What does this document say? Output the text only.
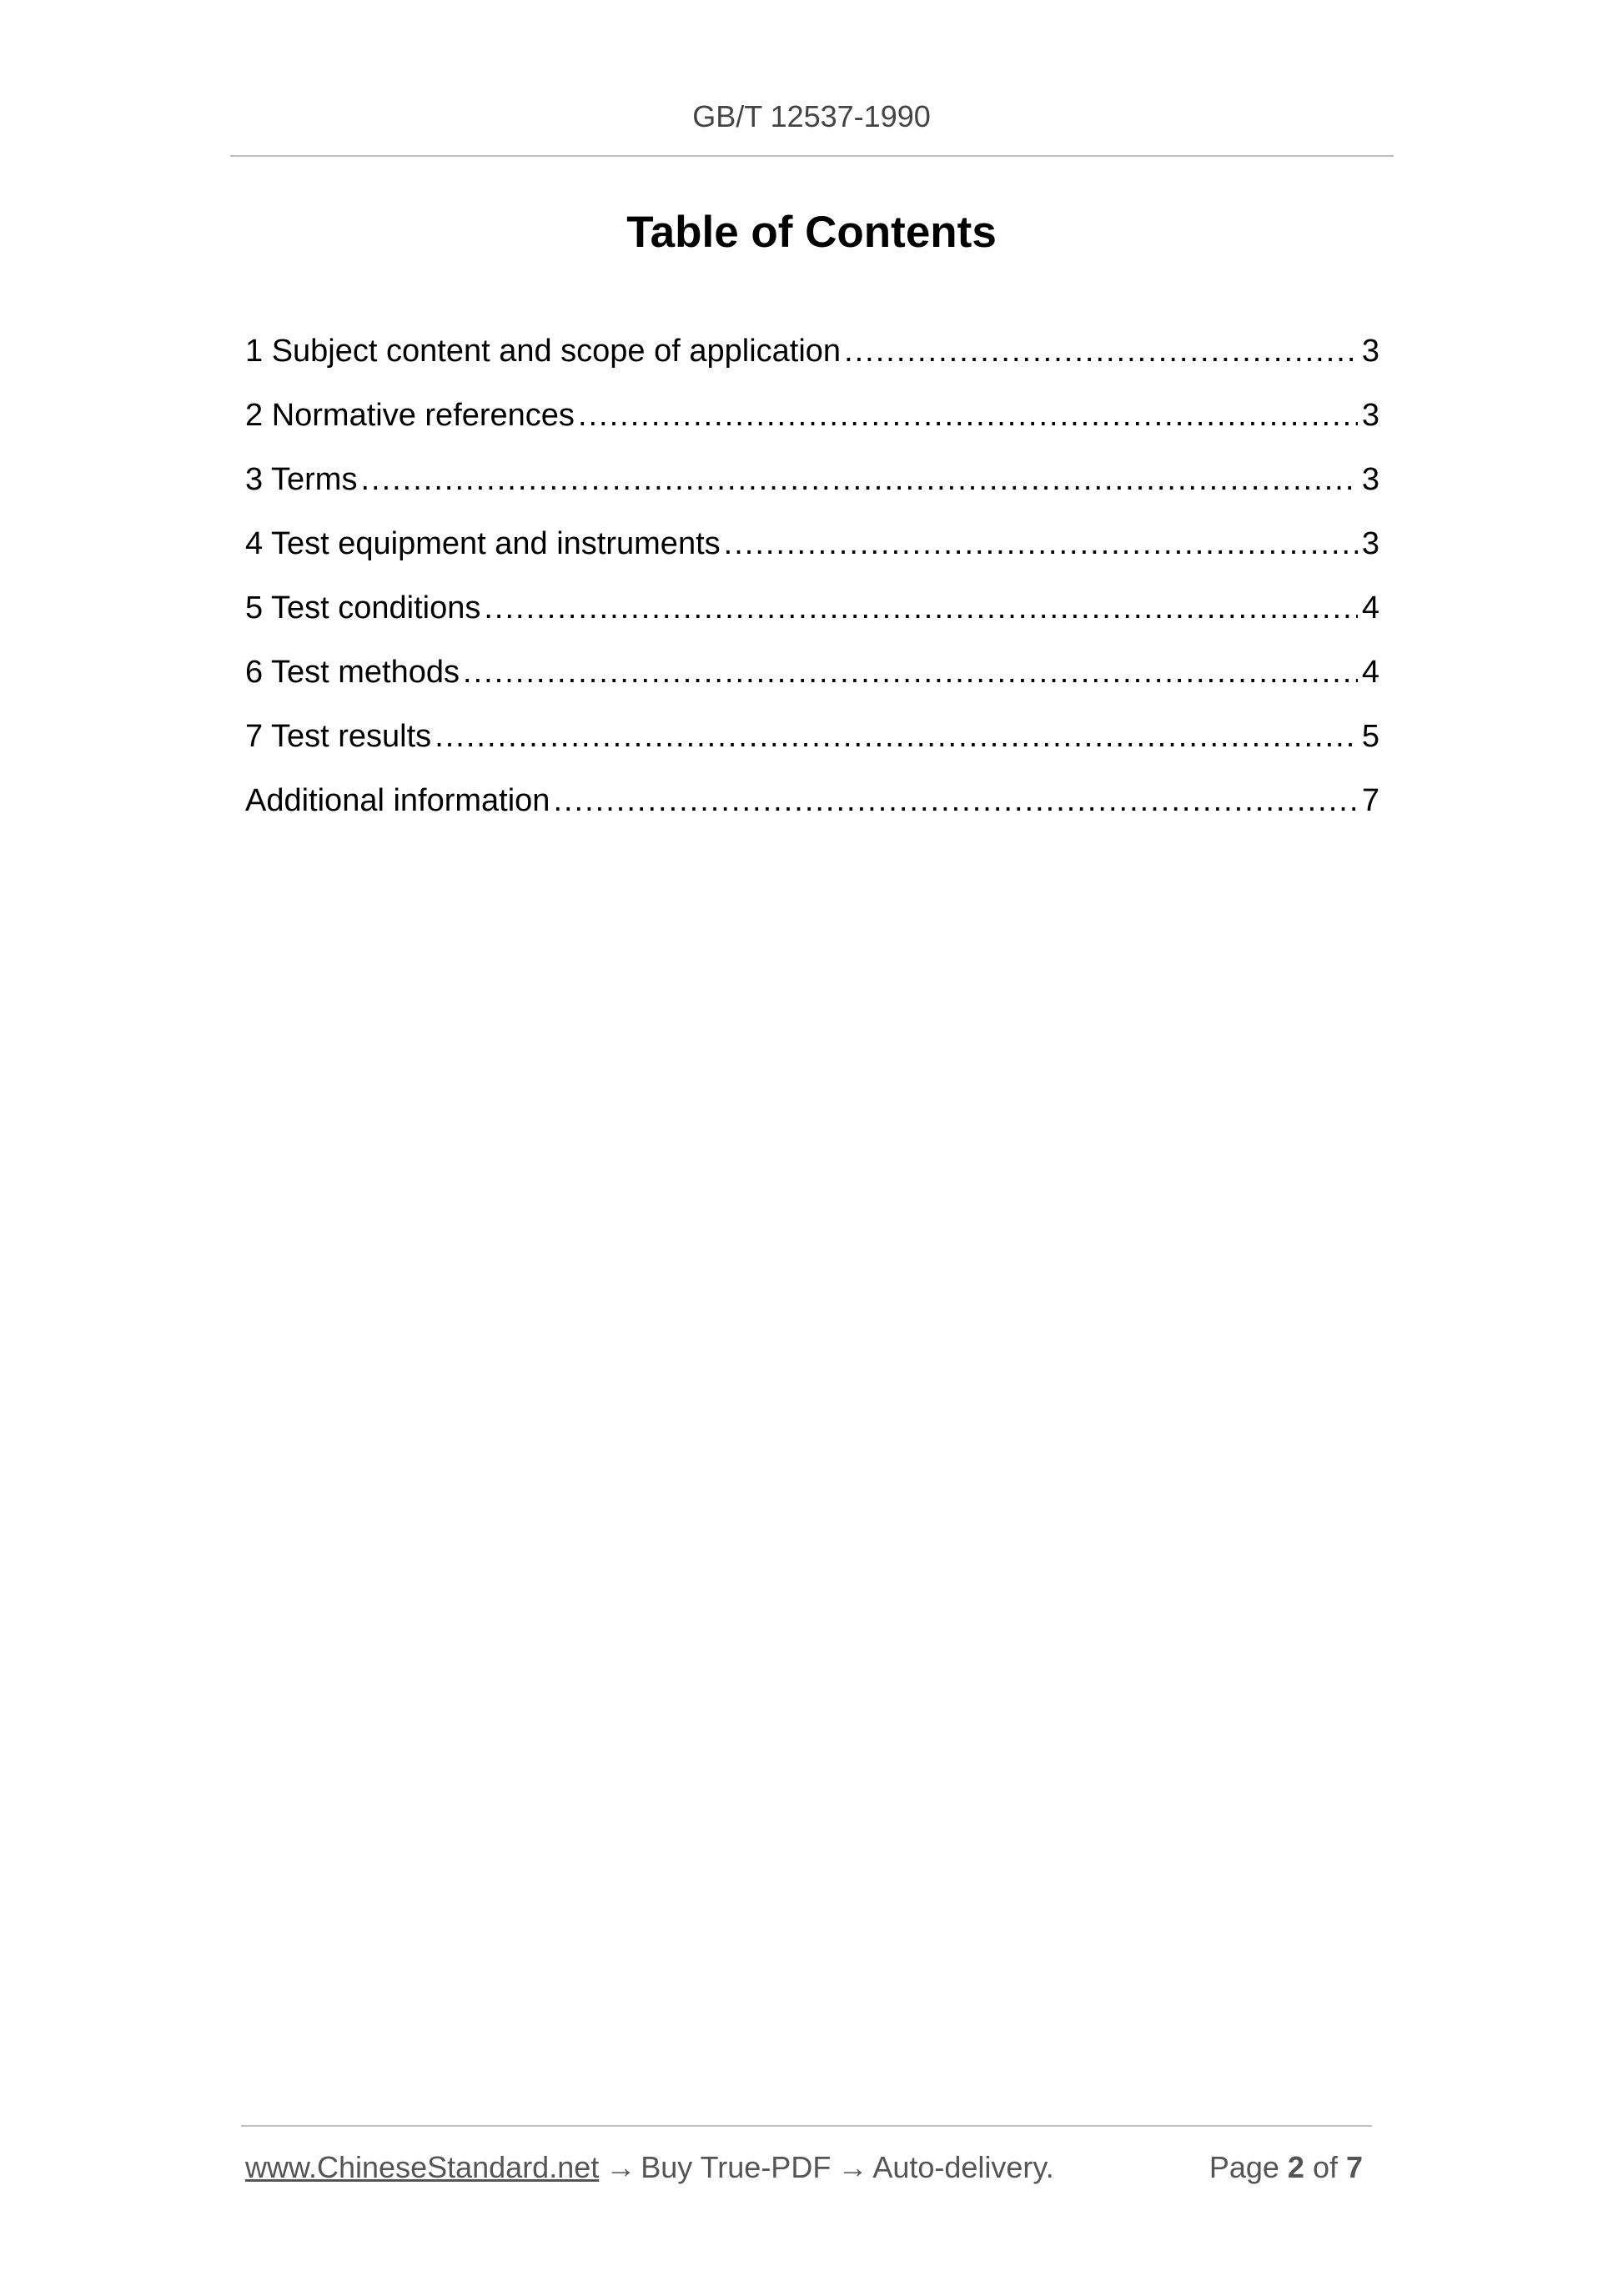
GB/T 12537-1990
Table of Contents
1 Subject content and scope of application .....	3
2 Normative references .....	3
3 Terms .....	3
4 Test equipment and instruments .....	3
5 Test conditions .....	4
6 Test methods .....	4
7 Test results .....	5
Additional information .....	7
www.ChineseStandard.net → Buy True-PDF → Auto-delivery.	Page 2 of 7
